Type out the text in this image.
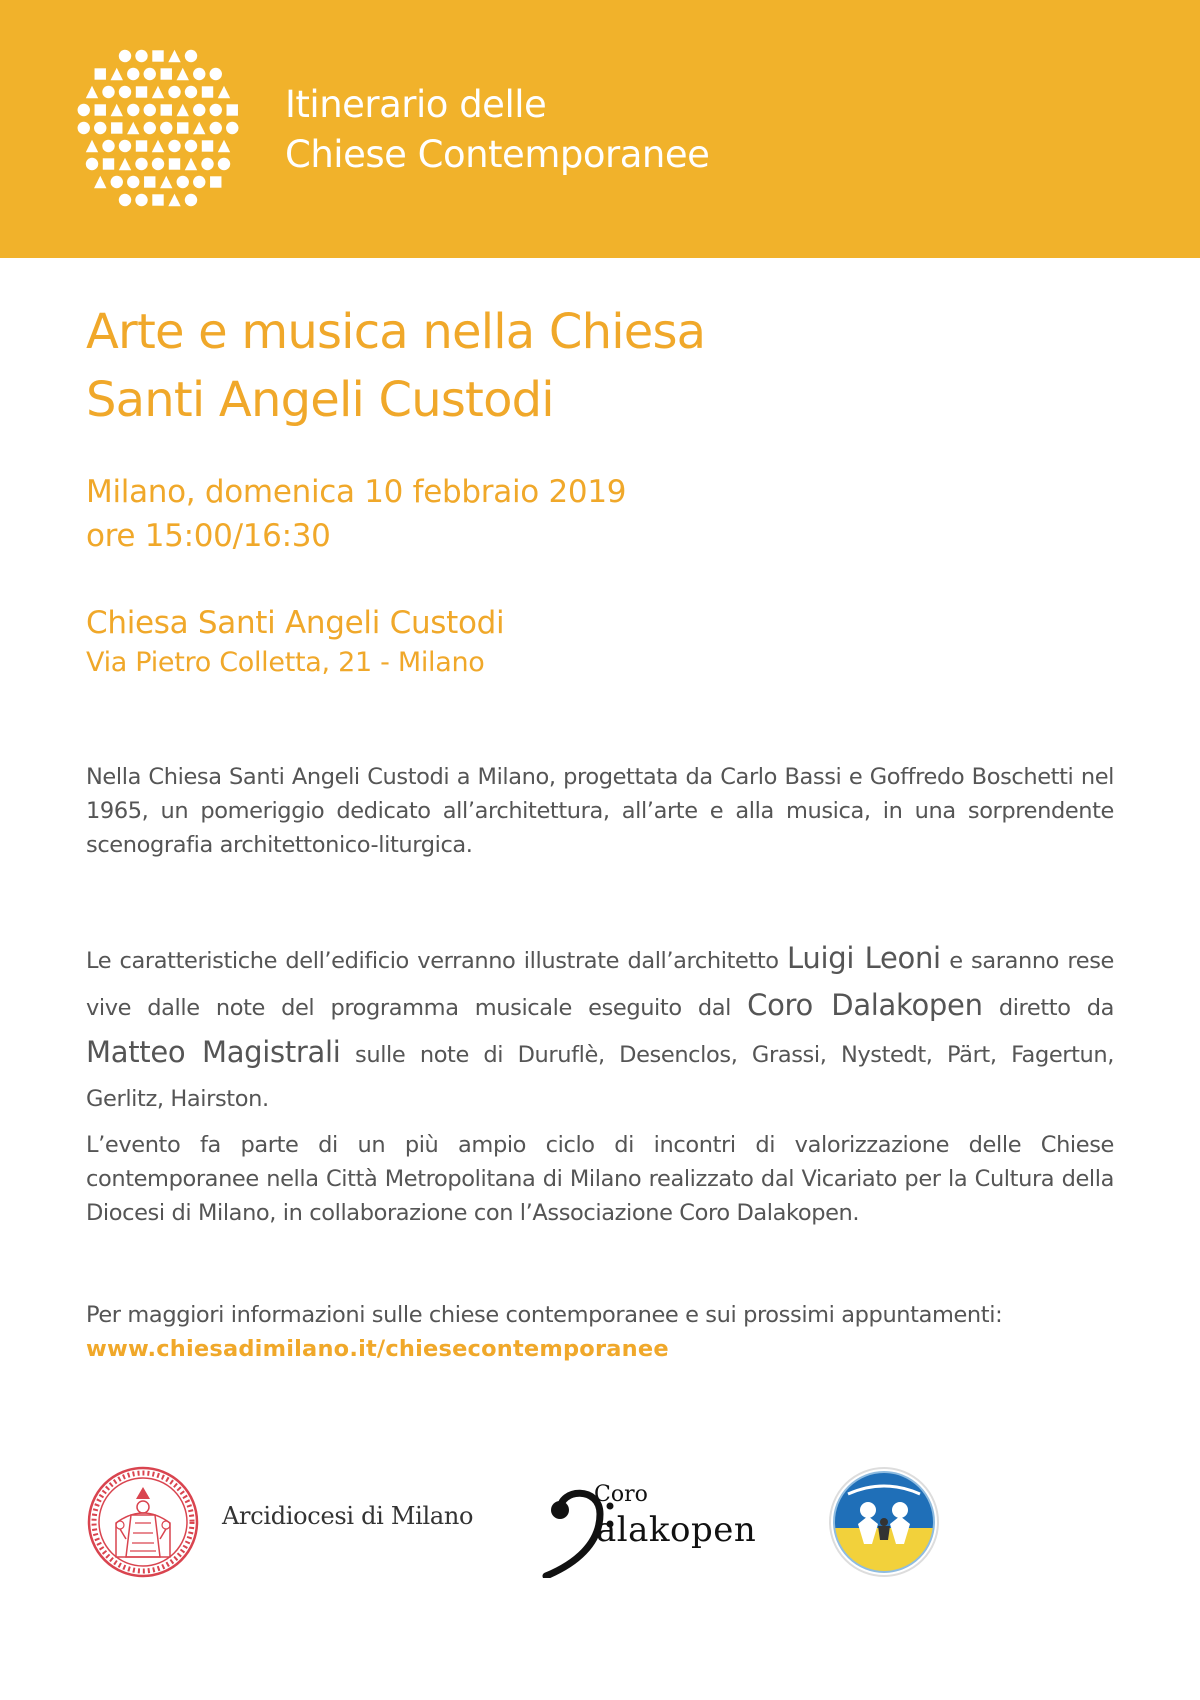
Itinerario delle
Chiese Contemporanee
Arte e musica nella Chiesa
Santi Angeli Custodi
Milano, domenica 10 febbraio 2019
ore 15:00/16:30
Chiesa Santi Angeli Custodi
Via Pietro Colletta, 21 - Milano
Nella Chiesa Santi Angeli Custodi a Milano, progettata da Carlo Bassi e Goffredo Boschetti nel 1965, un pomeriggio dedicato all’architettura, all’arte e alla musica, in una sorprendente scenografia architettonico-liturgica.
Le caratteristiche dell’edificio verranno illustrate dall’architetto Luigi Leoni e saranno rese vive dalle note del programma musicale eseguito dal Coro Dalakopen diretto da Matteo Magistrali sulle note di Duruflè, Desenclos, Grassi, Nystedt, Pärt, Fagertun, Gerlitz, Hairston.
L’evento fa parte di un più ampio ciclo di incontri di valorizzazione delle Chiese contemporanee nella Città Metropolitana di Milano realizzato dal Vicariato per la Cultura della Diocesi di Milano, in collaborazione con l’Associazione Coro Dalakopen.
Per maggiori informazioni sulle chiese contemporanee e sui prossimi appuntamenti:
www.chiesadimilano.it/chiesecontemporanee
Arcidiocesi di Milano
Coro
alakopen
